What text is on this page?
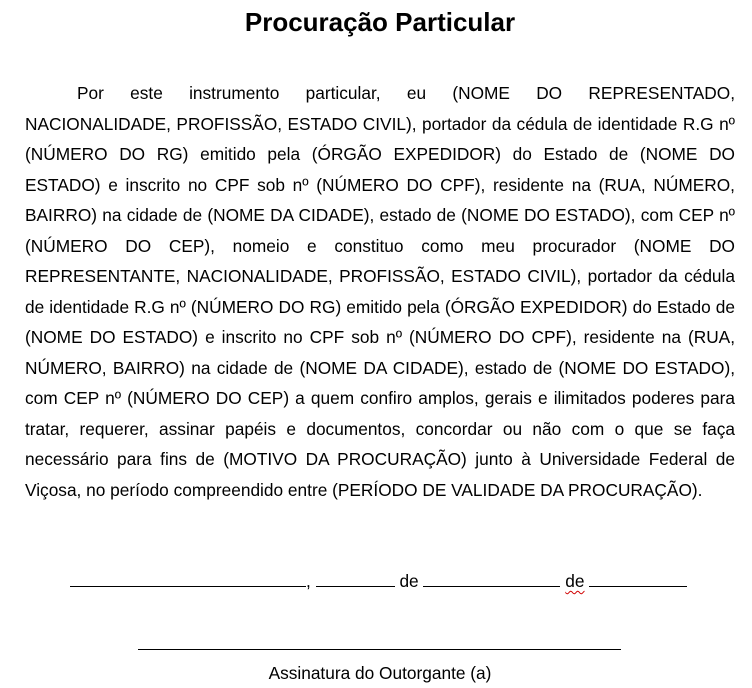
Procuração Particular

Por este instrumento particular, eu (NOME DO REPRESENTADO, NACIONALIDADE, PROFISSÃO, ESTADO CIVIL), portador da cédula de identidade R.G nº (NÚMERO DO RG) emitido pela (ÓRGÃO EXPEDIDOR) do Estado de (NOME DO ESTADO) e inscrito no CPF sob nº (NÚMERO DO CPF), residente na (RUA, NÚMERO, BAIRRO) na cidade de (NOME DA CIDADE), estado de (NOME DO ESTADO), com CEP nº (NÚMERO DO CEP), nomeio e constituo como meu procurador (NOME DO REPRESENTANTE, NACIONALIDADE, PROFISSÃO, ESTADO CIVIL), portador da cédula de identidade R.G nº (NÚMERO DO RG) emitido pela (ÓRGÃO EXPEDIDOR) do Estado de (NOME DO ESTADO) e inscrito no CPF sob nº (NÚMERO DO CPF), residente na (RUA, NÚMERO, BAIRRO) na cidade de (NOME DA CIDADE), estado de (NOME DO ESTADO), com CEP nº (NÚMERO DO CEP) a quem confiro amplos, gerais e ilimitados poderes para tratar, requerer, assinar papéis e documentos, concordar ou não com o que se faça necessário para fins de (MOTIVO DA PROCURAÇÃO) junto à Universidade Federal de Viçosa, no período compreendido entre (PERÍODO DE VALIDADE DA PROCURAÇÃO).

,	de	de
Assinatura do Outorgante (a)
